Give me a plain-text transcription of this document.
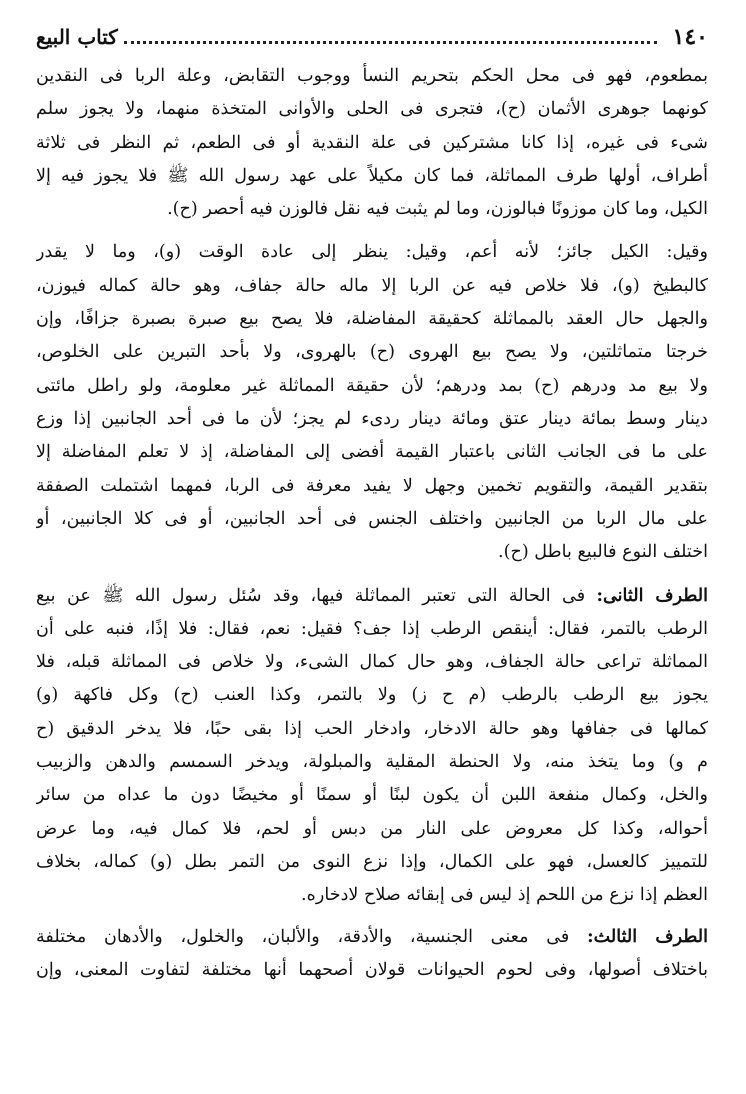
١٤٠
كتاب البيع
بمطعوم، فهو فى محل الحكم بتحريم النسأ ووجوب التقابض، وعلة الربا فى النقدين
كونهما جوهرى الأثمان (ح)، فتجرى فى الحلى والأوانى المتخذة منهما، ولا يجوز سلم
شىء فى غيره، إذا كانا مشتركين فى علة النقدية أو فى الطعم، ثم النظر فى ثلاثة
أطراف، أولها طرف المماثلة، فما كان مكيلاً على عهد رسول الله ﷺ فلا يجوز فيه إلا
الكيل، وما كان موزونًا فبالوزن، وما لم يثبت فيه نقل فالوزن فيه أحصر (ح).
وقيل: الكيل جائز؛ لأنه أعم، وقيل: ينظر إلى عادة الوقت (و)، وما لا يقدر
كالبطيخ (و)، فلا خلاص فيه عن الربا إلا ماله حالة جفاف، وهو حالة كماله فيوزن،
والجهل حال العقد بالمماثلة كحقيقة المفاضلة، فلا يصح بيع صبرة بصبرة جزافًا، وإن
خرجتا متماثلتين، ولا يصح بيع الهروى (ح) بالهروى، ولا بأحد التبرين على الخلوص،
ولا بيع مد ودرهم (ح) بمد ودرهم؛ لأن حقيقة المماثلة غير معلومة، ولو راطل مائتى
دينار وسط بمائة دينار عتق ومائة دينار ردىء لم يجز؛ لأن ما فى أحد الجانبين إذا وزع
على ما فى الجانب الثانى باعتبار القيمة أفضى إلى المفاضلة، إذ لا تعلم المفاضلة إلا
بتقدير القيمة، والتقويم تخمين وجهل لا يفيد معرفة فى الربا، فمهما اشتملت الصفقة
على مال الربا من الجانبين واختلف الجنس فى أحد الجانبين، أو فى كلا الجانبين، أو
اختلف النوع فالبيع باطل (ح).
الطرف الثانى: فى الحالة التى تعتبر المماثلة فيها، وقد سُئل رسول الله ﷺ عن بيع
الرطب بالتمر، فقال: أينقص الرطب إذا جف؟ فقيل: نعم، فقال: فلا إذًا، فنبه على أن
المماثلة تراعى حالة الجفاف، وهو حال كمال الشىء، ولا خلاص فى المماثلة قبله، فلا
يجوز بيع الرطب بالرطب (م ح ز) ولا بالتمر، وكذا العنب (ح) وكل فاكهة (و)
كمالها فى جفافها وهو حالة الادخار، وادخار الحب إذا بقى حبًا، فلا يدخر الدقيق (ح
م و) وما يتخذ منه، ولا الحنطة المقلية والمبلولة، ويدخر السمسم والدهن والزبيب
والخل، وكمال منفعة اللبن أن يكون لبنًا أو سمنًا أو مخيضًا دون ما عداه من سائر
أحواله، وكذا كل معروض على النار من دبس أو لحم، فلا كمال فيه، وما عرض
للتمييز كالعسل، فهو على الكمال، وإذا نزع النوى من التمر بطل (و) كماله، بخلاف
العظم إذا نزع من اللحم إذ ليس فى إبقائه صلاح لادخاره.
الطرف الثالث: فى معنى الجنسية، والأدقة، والألبان، والخلول، والأدهان مختلفة
باختلاف أصولها، وفى لحوم الحيوانات قولان أصحهما أنها مختلفة لتفاوت المعنى، وإن
